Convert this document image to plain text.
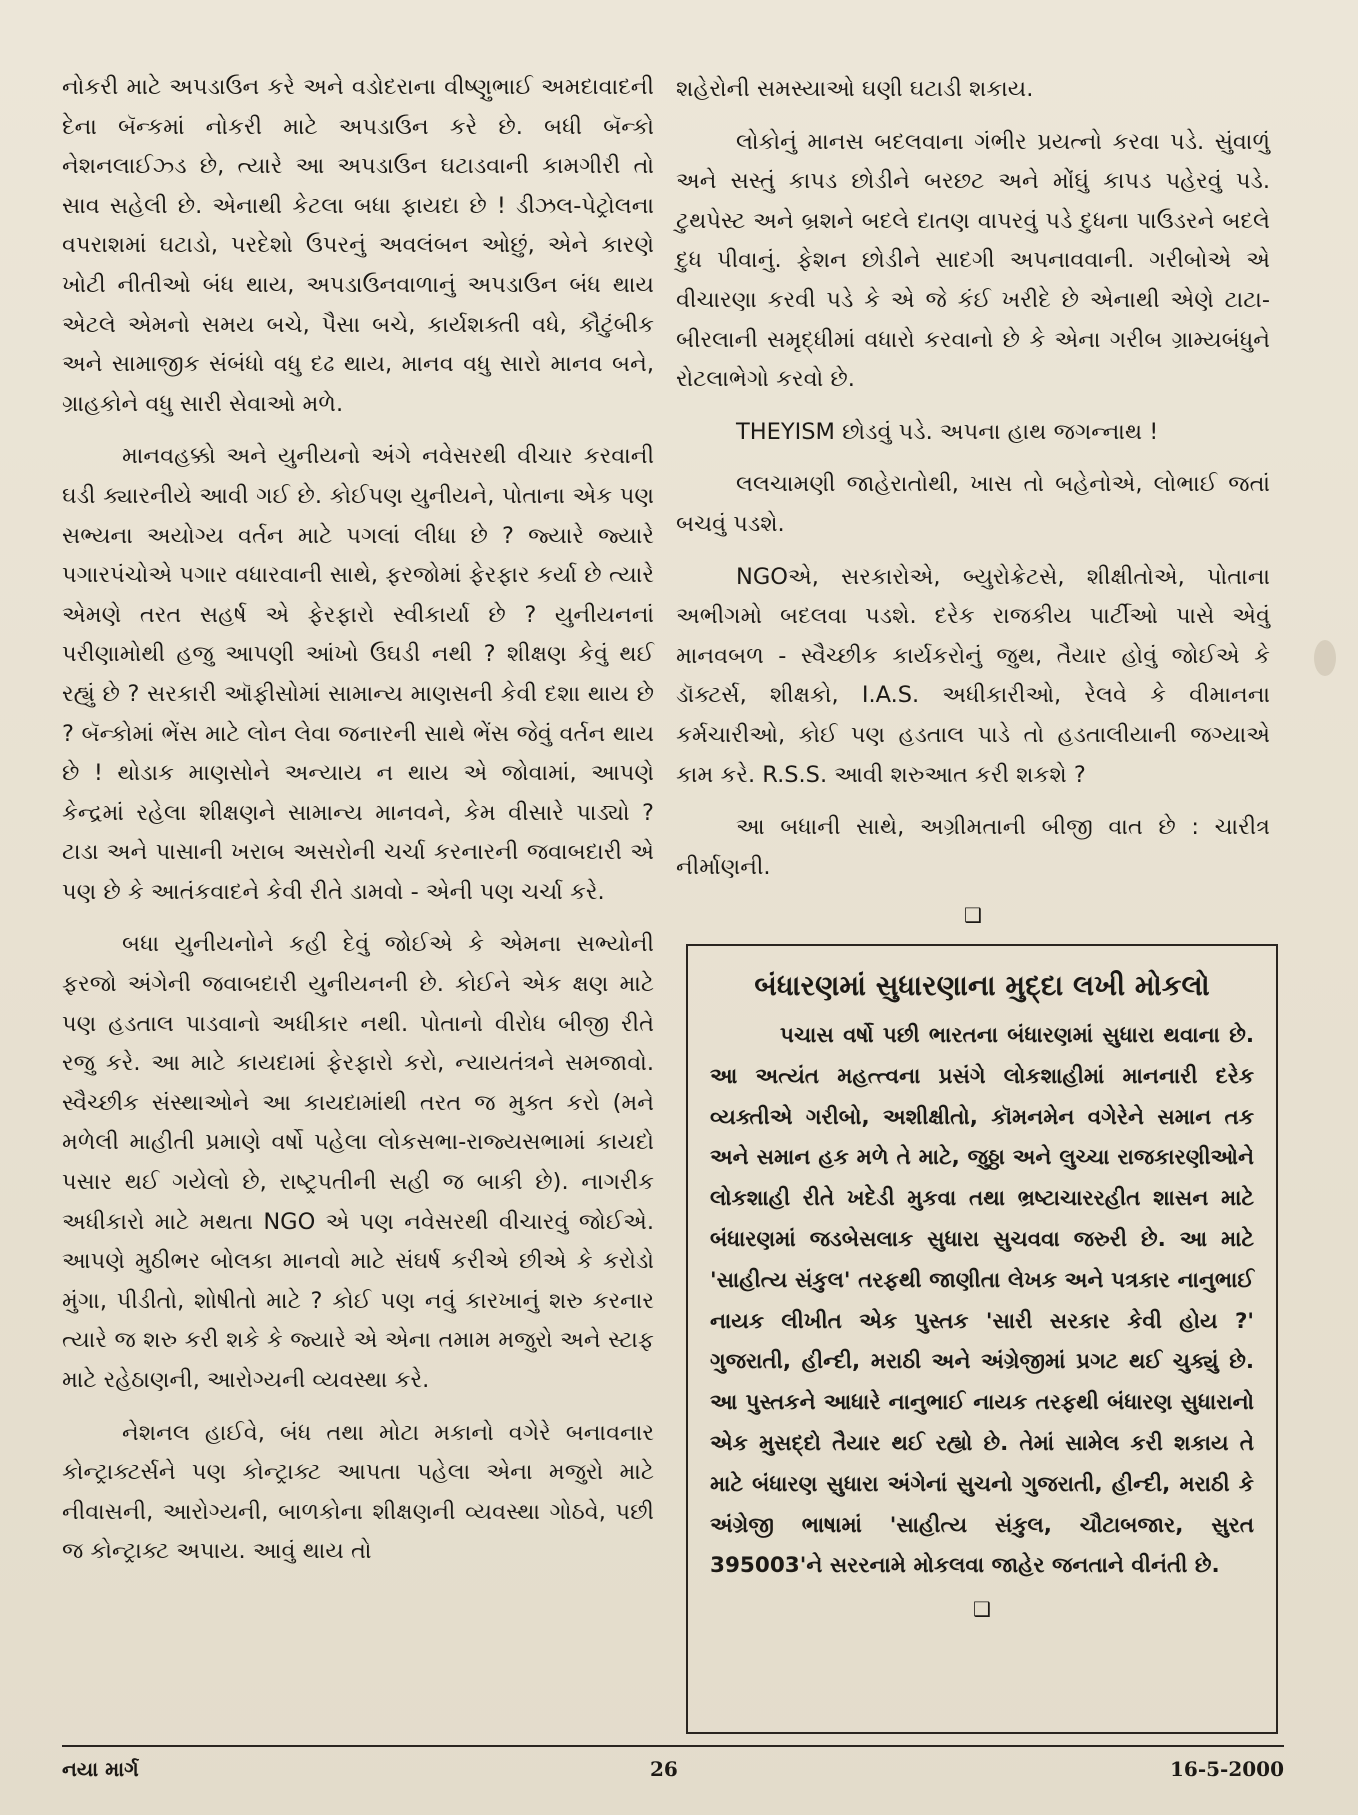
નોકરી માટે અપડાઉન કરે અને વડોદરાના વીષ્ણુભાઈ અમદાવાદની દેના બૅન્કમાં નોકરી માટે અપડાઉન કરે છે. બધી બૅન્કો નેશનલાઈઝ્ડ છે, ત્યારે આ અપડાઉન ઘટાડવાની કામગીરી તો સાવ સહેલી છે. એનાથી કેટલા બધા ફાયદા છે ! ડીઝલ-પેટ્રોલના વપરાશમાં ઘટાડો, પરદેશો ઉપરનું અવલંબન ઓછું, એને કારણે ખોટી નીતીઓ બંધ થાય, અપડાઉનવાળાનું અપડાઉન બંધ થાય એટલે એમનો સમય બચે, પૈસા બચે, કાર્યશક્તી વધે, કૌટુંબીક અને સામાજીક સંબંધો વધુ દઢ થાય, માનવ વધુ સારો માનવ બને, ગ્રાહકોને વધુ સારી સેવાઓ મળે.

માનવહક્કો અને યુનીયનો અંગે નવેસરથી વીચાર કરવાની ઘડી ક્યારનીયે આવી ગઈ છે. કોઈપણ યુનીયને, પોતાના એક પણ સભ્યના અયોગ્ય વર્તન માટે પગલાં લીધા છે ? જ્યારે જ્યારે પગારપંચોએ પગાર વધારવાની સાથે, ફરજોમાં ફેરફાર કર્યા છે ત્યારે એમણે તરત સહર્ષ એ ફેરફારો સ્વીકાર્યા છે ? યુનીયનનાં પરીણામોથી હજુ આપણી આંખો ઉઘડી નથી ? શીક્ષણ કેવું થઈ રહ્યું છે ? સરકારી ઑફીસોમાં સામાન્ય માણસની કેવી દશા થાય છે ? બૅન્કોમાં ભેંસ માટે લોન લેવા જનારની સાથે ભેંસ જેવું વર્તન થાય છે ! થોડાક માણસોને અન્યાય ન થાય એ જોવામાં, આપણે કેન્દ્રમાં રહેલા શીક્ષણને સામાન્ય માનવને, કેમ વીસારે પાડ્યો ? ટાડા અને પાસાની ખરાબ અસરોની ચર્ચા કરનારની જવાબદારી એ પણ છે કે આતંકવાદને કેવી રીતે ડામવો - એની પણ ચર્ચા કરે.

બધા યુનીયનોને કહી દેવું જોઈએ કે એમના સભ્યોની ફરજો અંગેની જવાબદારી યુનીયનની છે. કોઈને એક ક્ષણ માટે પણ હડતાલ પાડવાનો અધીકાર નથી. પોતાનો વીરોધ બીજી રીતે રજુ કરે. આ માટે કાયદામાં ફેરફારો કરો, ન્યાયતંત્રને સમજાવો. સ્વૈચ્છીક સંસ્થાઓને આ કાયદામાંથી તરત જ મુક્ત કરો (મને મળેલી માહીતી પ્રમાણે વર્ષો પહેલા લોકસભા-રાજ્યસભામાં કાયદો પસાર થઈ ગયેલો છે, રાષ્ટ્રપતીની સહી જ બાકી છે). નાગરીક અધીકારો માટે મથતા NGO એ પણ નવેસરથી વીચારવું જોઈએ. આપણે મુઠીભર બોલકા માનવો માટે સંઘર્ષ કરીએ છીએ કે કરોડો મુંગા, પીડીતો, શોષીતો માટે ? કોઈ પણ નવું કારખાનું શરુ કરનાર ત્યારે જ શરુ કરી શકે કે જ્યારે એ એના તમામ મજુરો અને સ્ટાફ માટે રહેઠાણની, આરોગ્યની વ્યવસ્થા કરે.

નેશનલ હાઈવે, બંધ તથા મોટા મકાનો વગેરે બનાવનાર કોન્ટ્રાક્ટર્સને પણ કોન્ટ્રાક્ટ આપતા પહેલા એના મજુરો માટે નીવાસની, આરોગ્યની, બાળકોના શીક્ષણની વ્યવસ્થા ગોઠવે, પછી જ કોન્ટ્રાક્ટ અપાય. આવું થાય તો

શહેરોની સમસ્યાઓ ઘણી ઘટાડી શકાય.

લોકોનું માનસ બદલવાના ગંભીર પ્રયત્નો કરવા પડે. સુંવાળું અને સસ્તું કાપડ છોડીને બરછટ અને મોંઘું કાપડ પહેરવું પડે. ટુથપેસ્ટ અને બ્રશને બદલે દાતણ વાપરવું પડે દુધના પાઉડરને બદલે દુધ પીવાનું. ફેશન છોડીને સાદગી અપનાવવાની. ગરીબોએ એ વીચારણા કરવી પડે કે એ જે કંઈ ખરીદે છે એનાથી એણે ટાટા-બીરલાની સમૃદ્ધીમાં વધારો કરવાનો છે કે એના ગરીબ ગ્રામ્યબંધુને રોટલાભેગો કરવો છે.

THEYISM છોડવું પડે. અપના હાથ જગન્નાથ !

લલચામણી જાહેરાતોથી, ખાસ તો બહેનોએ, લોભાઈ જતાં બચવું પડશે.

NGOએ, સરકારોએ, બ્યુરોક્રેટસે, શીક્ષીતોએ, પોતાના અભીગમો બદલવા પડશે. દરેક રાજકીય પાર્ટીઓ પાસે એવું માનવબળ - સ્વૈચ્છીક કાર્યકરોનું જુથ, તૈયાર હોવું જોઈએ કે ડૉક્ટર્સ, શીક્ષકો, I.A.S. અધીકારીઓ, રેલવે કે વીમાનના કર્મચારીઓ, કોઈ પણ હડતાલ પાડે તો હડતાલીયાની જગ્યાએ કામ કરે. R.S.S. આવી શરુઆત કરી શકશે ?

આ બધાની સાથે, અગ્રીમતાની બીજી વાત છે : ચારીત્ર નીર્માણની.

❑
બંધારણમાં સુધારણાના મુદ્દા લખી મોકલો

પચાસ વર્ષો પછી ભારતના બંધારણમાં સુધારા થવાના છે. આ અત્યંત મહત્ત્વના પ્રસંગે લોકશાહીમાં માનનારી દરેક વ્યક્તીએ ગરીબો, અશીક્ષીતો, કૉમનમેન વગેરેને સમાન તક અને સમાન હક મળે તે માટે, જુઠ્ઠા અને લુચ્ચા રાજકારણીઓને લોકશાહી રીતે ખદેડી મુકવા તથા ભ્રષ્ટાચારરહીત શાસન માટે બંધારણમાં જડબેસલાક સુધારા સુચવવા જરુરી છે. આ માટે 'સાહીત્ય સંકુલ' તરફથી જાણીતા લેખક અને પત્રકાર નાનુભાઈ નાયક લીખીત એક પુસ્તક 'સારી સરકાર કેવી હોય ?' ગુજરાતી, હીન્દી, મરાઠી અને અંગ્રેજીમાં પ્રગટ થઈ ચુક્યું છે. આ પુસ્તકને આધારે નાનુભાઈ નાયક તરફથી બંધારણ સુધારાનો એક મુસદ્દો તૈયાર થઈ રહ્યો છે. તેમાં સામેલ કરી શકાય તે માટે બંધારણ સુધારા અંગેનાં સુચનો ગુજરાતી, હીન્દી, મરાઠી કે અંગ્રેજી ભાષામાં 'સાહીત્ય સંકુલ, ચૌટાબજાર, સુરત 395003'ને સરરનામે મોકલવા જાહેર જનતાને વીનંતી છે.

❑
નયા માર્ગ	26	16-5-2000
